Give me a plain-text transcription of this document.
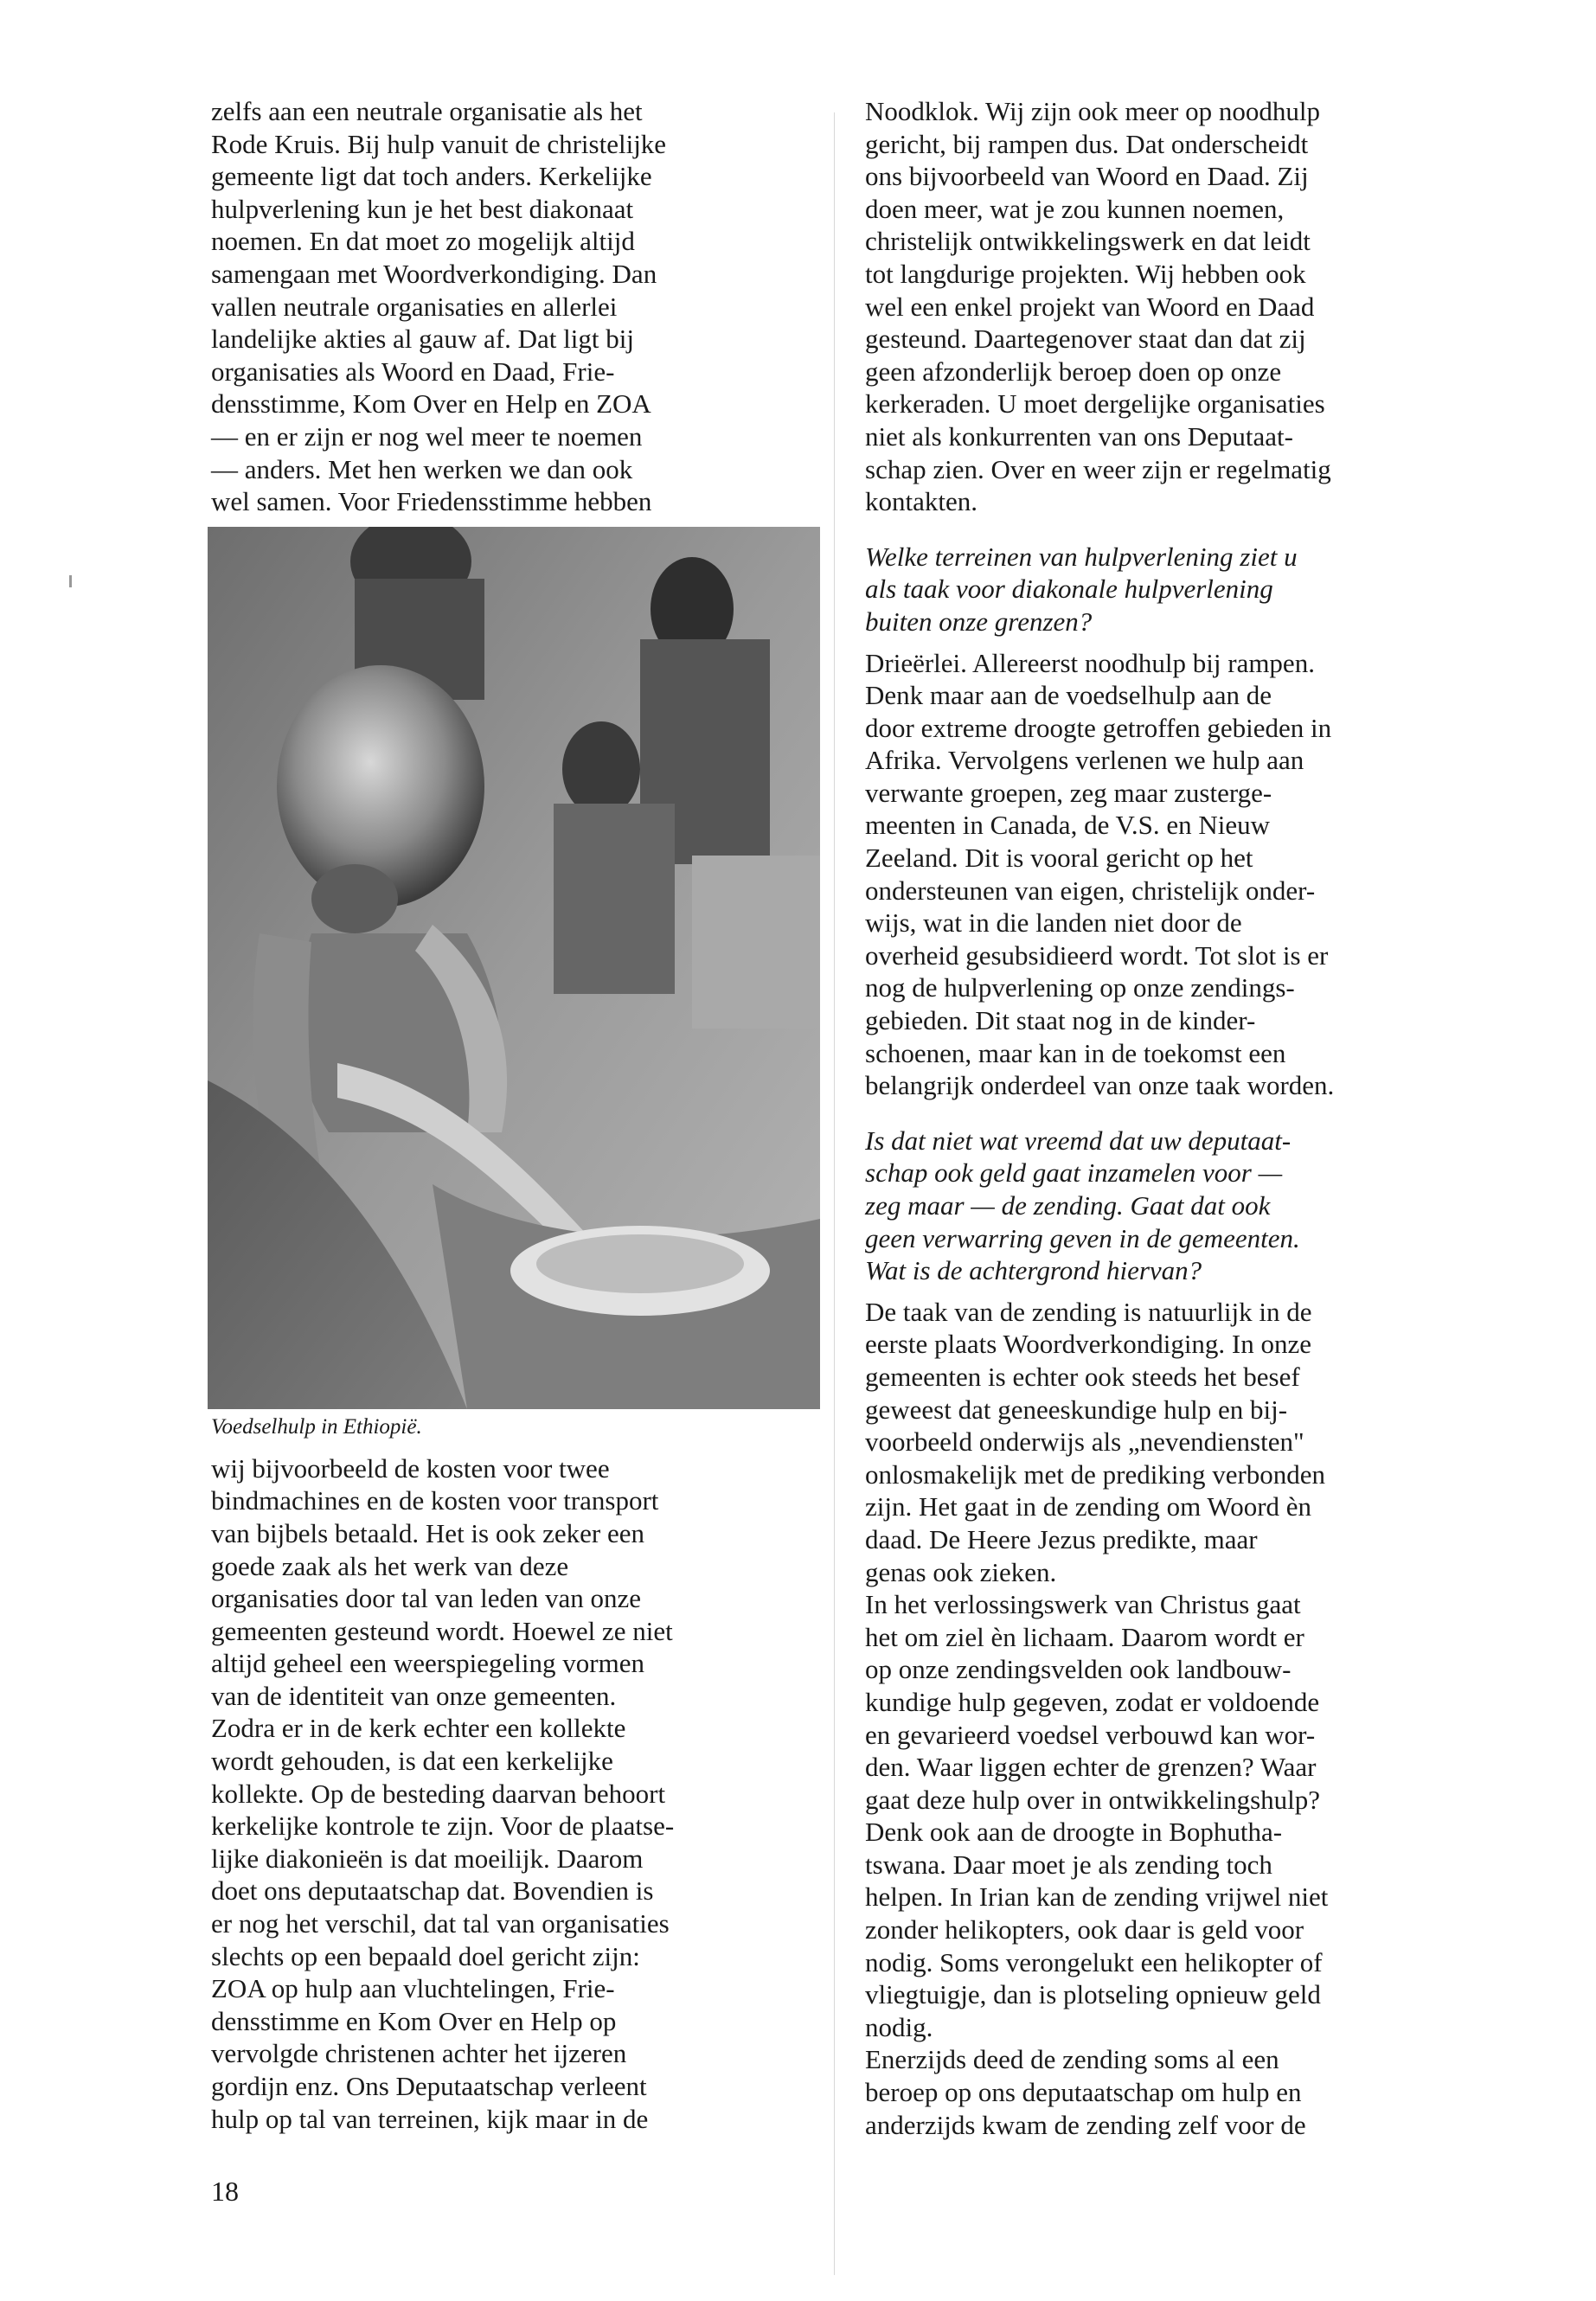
zelfs aan een neutrale organisatie als het
Rode Kruis. Bij hulp vanuit de christelijke
gemeente ligt dat toch anders. Kerkelijke
hulpverlening kun je het best diakonaat
noemen. En dat moet zo mogelijk altijd
samengaan met Woordverkondiging. Dan
vallen neutrale organisaties en allerlei
landelijke akties al gauw af. Dat ligt bij
organisaties als Woord en Daad, Frie-
densstimme, Kom Over en Help en ZOA
— en er zijn er nog wel meer te noemen
— anders. Met hen werken we dan ook
wel samen. Voor Friedensstimme hebben

Voedselhulp in Ethiopië.

wij bijvoorbeeld de kosten voor twee
bindmachines en de kosten voor transport
van bijbels betaald. Het is ook zeker een
goede zaak als het werk van deze
organisaties door tal van leden van onze
gemeenten gesteund wordt. Hoewel ze niet
altijd geheel een weerspiegeling vormen
van de identiteit van onze gemeenten.
Zodra er in de kerk echter een kollekte
wordt gehouden, is dat een kerkelijke
kollekte. Op de besteding daarvan behoort
kerkelijke kontrole te zijn. Voor de plaatse-
lijke diakonieën is dat moeilijk. Daarom
doet ons deputaatschap dat. Bovendien is
er nog het verschil, dat tal van organisaties
slechts op een bepaald doel gericht zijn:
ZOA op hulp aan vluchtelingen, Frie-
densstimme en Kom Over en Help op
vervolgde christenen achter het ijzeren
gordijn enz. Ons Deputaatschap verleent
hulp op tal van terreinen, kijk maar in de

Noodklok. Wij zijn ook meer op noodhulp
gericht, bij rampen dus. Dat onderscheidt
ons bijvoorbeeld van Woord en Daad. Zij
doen meer, wat je zou kunnen noemen,
christelijk ontwikkelingswerk en dat leidt
tot langdurige projekten. Wij hebben ook
wel een enkel projekt van Woord en Daad
gesteund. Daartegenover staat dan dat zij
geen afzonderlijk beroep doen op onze
kerkeraden. U moet dergelijke organisaties
niet als konkurrenten van ons Deputaat-
schap zien. Over en weer zijn er regelmatig
kontakten.

Welke terreinen van hulpverlening ziet u
als taak voor diakonale hulpverlening
buiten onze grenzen?

Drieërlei. Allereerst noodhulp bij rampen.
Denk maar aan de voedselhulp aan de
door extreme droogte getroffen gebieden in
Afrika. Vervolgens verlenen we hulp aan
verwante groepen, zeg maar zusterge-
meenten in Canada, de V.S. en Nieuw
Zeeland. Dit is vooral gericht op het
ondersteunen van eigen, christelijk onder-
wijs, wat in die landen niet door de
overheid gesubsidieerd wordt. Tot slot is er
nog de hulpverlening op onze zendings-
gebieden. Dit staat nog in de kinder-
schoenen, maar kan in de toekomst een
belangrijk onderdeel van onze taak worden.

Is dat niet wat vreemd dat uw deputaat-
schap ook geld gaat inzamelen voor —
zeg maar — de zending. Gaat dat ook
geen verwarring geven in de gemeenten.
Wat is de achtergrond hiervan?

De taak van de zending is natuurlijk in de
eerste plaats Woordverkondiging. In onze
gemeenten is echter ook steeds het besef
geweest dat geneeskundige hulp en bij-
voorbeeld onderwijs als „nevendiensten"
onlosmakelijk met de prediking verbonden
zijn. Het gaat in de zending om Woord èn
daad. De Heere Jezus predikte, maar
genas ook zieken.

In het verlossingswerk van Christus gaat
het om ziel èn lichaam. Daarom wordt er
op onze zendingsvelden ook landbouw-
kundige hulp gegeven, zodat er voldoende
en gevarieerd voedsel verbouwd kan wor-
den. Waar liggen echter de grenzen? Waar
gaat deze hulp over in ontwikkelingshulp?
Denk ook aan de droogte in Bophutha-
tswana. Daar moet je als zending toch
helpen. In Irian kan de zending vrijwel niet
zonder helikopters, ook daar is geld voor
nodig. Soms verongelukt een helikopter of
vliegtuigje, dan is plotseling opnieuw geld
nodig.

Enerzijds deed de zending soms al een
beroep op ons deputaatschap om hulp en
anderzijds kwam de zending zelf voor de

18
